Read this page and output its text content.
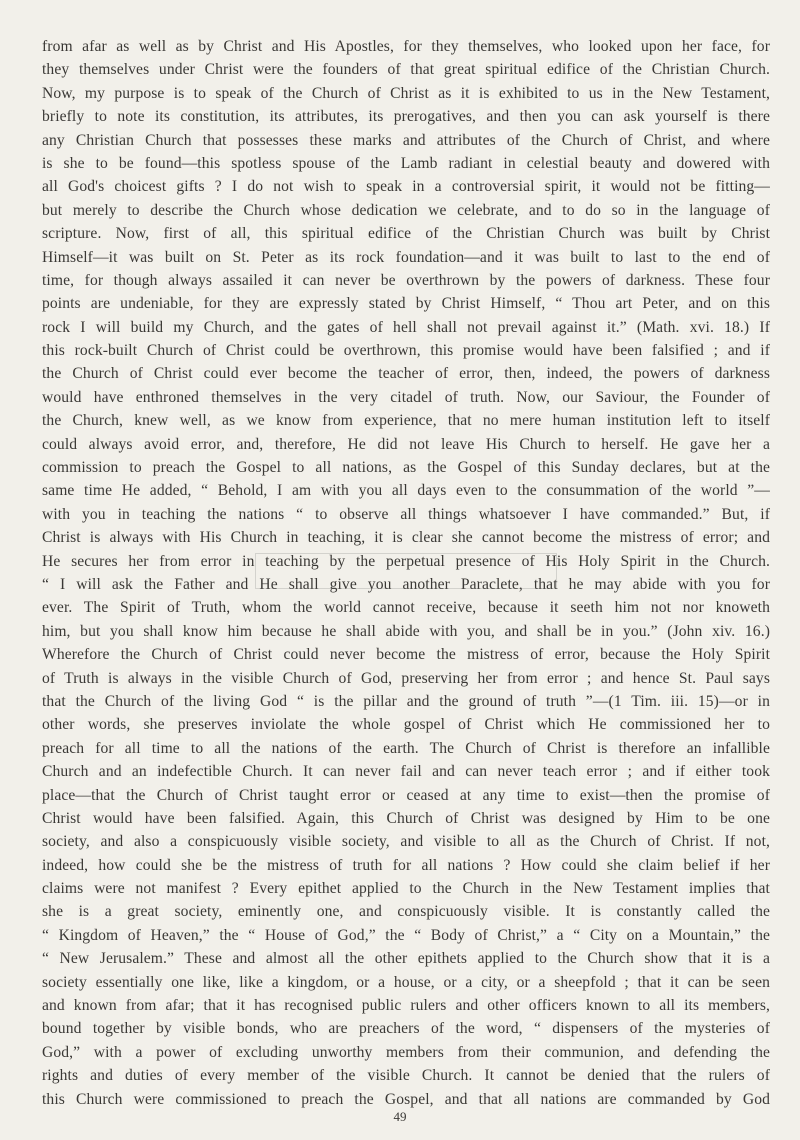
from afar as well as by Christ and His Apostles, for they themselves, who looked upon her face, for
they themselves under Christ were the founders of that great spiritual edifice of the Christian Church.
Now, my purpose is to speak of the Church of Christ as it is exhibited to us in the New Testament,
briefly to note its constitution, its attributes, its prerogatives, and then you can ask yourself is there
any Christian Church that possesses these marks and attributes of the Church of Christ, and where
is she to be found—this spotless spouse of the Lamb radiant in celestial beauty and dowered with
all God's choicest gifts ? I do not wish to speak in a controversial spirit, it would not be fitting—
but merely to describe the Church whose dedication we celebrate, and to do so in the language of
scripture. Now, first of all, this spiritual edifice of the Christian Church was built by Christ
Himself—it was built on St. Peter as its rock foundation—and it was built to last to the end of
time, for though always assailed it can never be overthrown by the powers of darkness. These four
points are undeniable, for they are expressly stated by Christ Himself, “ Thou art Peter, and on this
rock I will build my Church, and the gates of hell shall not prevail against it.” (Math. xvi. 18.) If
this rock-built Church of Christ could be overthrown, this promise would have been falsified ; and if
the Church of Christ could ever become the teacher of error, then, indeed, the powers of darkness
would have enthroned themselves in the very citadel of truth. Now, our Saviour, the Founder of
the Church, knew well, as we know from experience, that no mere human institution left to itself
could always avoid error, and, therefore, He did not leave His Church to herself. He gave her a
commission to preach the Gospel to all nations, as the Gospel of this Sunday declares, but at the
same time He added, “ Behold, I am with you all days even to the consummation of the world ”—
with you in teaching the nations “ to observe all things whatsoever I have commanded.” But, if
Christ is always with His Church in teaching, it is clear she cannot become the mistress of error; and
He secures her from error in teaching by the perpetual presence of His Holy Spirit in the Church.
“ I will ask the Father and He shall give you another Paraclete, that he may abide with you for
ever. The Spirit of Truth, whom the world cannot receive, because it seeth him not nor knoweth
him, but you shall know him because he shall abide with you, and shall be in you.” (John xiv. 16.)
Wherefore the Church of Christ could never become the mistress of error, because the Holy Spirit
of Truth is always in the visible Church of God, preserving her from error ; and hence St. Paul says
that the Church of the living God “ is the pillar and the ground of truth ”—(1 Tim. iii. 15)—or in
other words, she preserves inviolate the whole gospel of Christ which He commissioned her to
preach for all time to all the nations of the earth. The Church of Christ is therefore an infallible
Church and an indefectible Church. It can never fail and can never teach error ; and if either took
place—that the Church of Christ taught error or ceased at any time to exist—then the promise of
Christ would have been falsified. Again, this Church of Christ was designed by Him to be one
society, and also a conspicuously visible society, and visible to all as the Church of Christ. If not,
indeed, how could she be the mistress of truth for all nations ? How could she claim belief if her
claims were not manifest ? Every epithet applied to the Church in the New Testament implies that
she is a great society, eminently one, and conspicuously visible. It is constantly called the
“ Kingdom of Heaven,” the “ House of God,” the “ Body of Christ,” a “ City on a Mountain,” the
“ New Jerusalem.” These and almost all the other epithets applied to the Church show that it is a
society essentially one like, like a kingdom, or a house, or a city, or a sheepfold ; that it can be seen
and known from afar; that it has recognised public rulers and other officers known to all its members,
bound together by visible bonds, who are preachers of the word, “ dispensers of the mysteries of
God,” with a power of excluding unworthy members from their communion, and defending the
rights and duties of every member of the visible Church. It cannot be denied that the rulers of
this Church were commissioned to preach the Gospel, and that all nations are commanded by God
49
